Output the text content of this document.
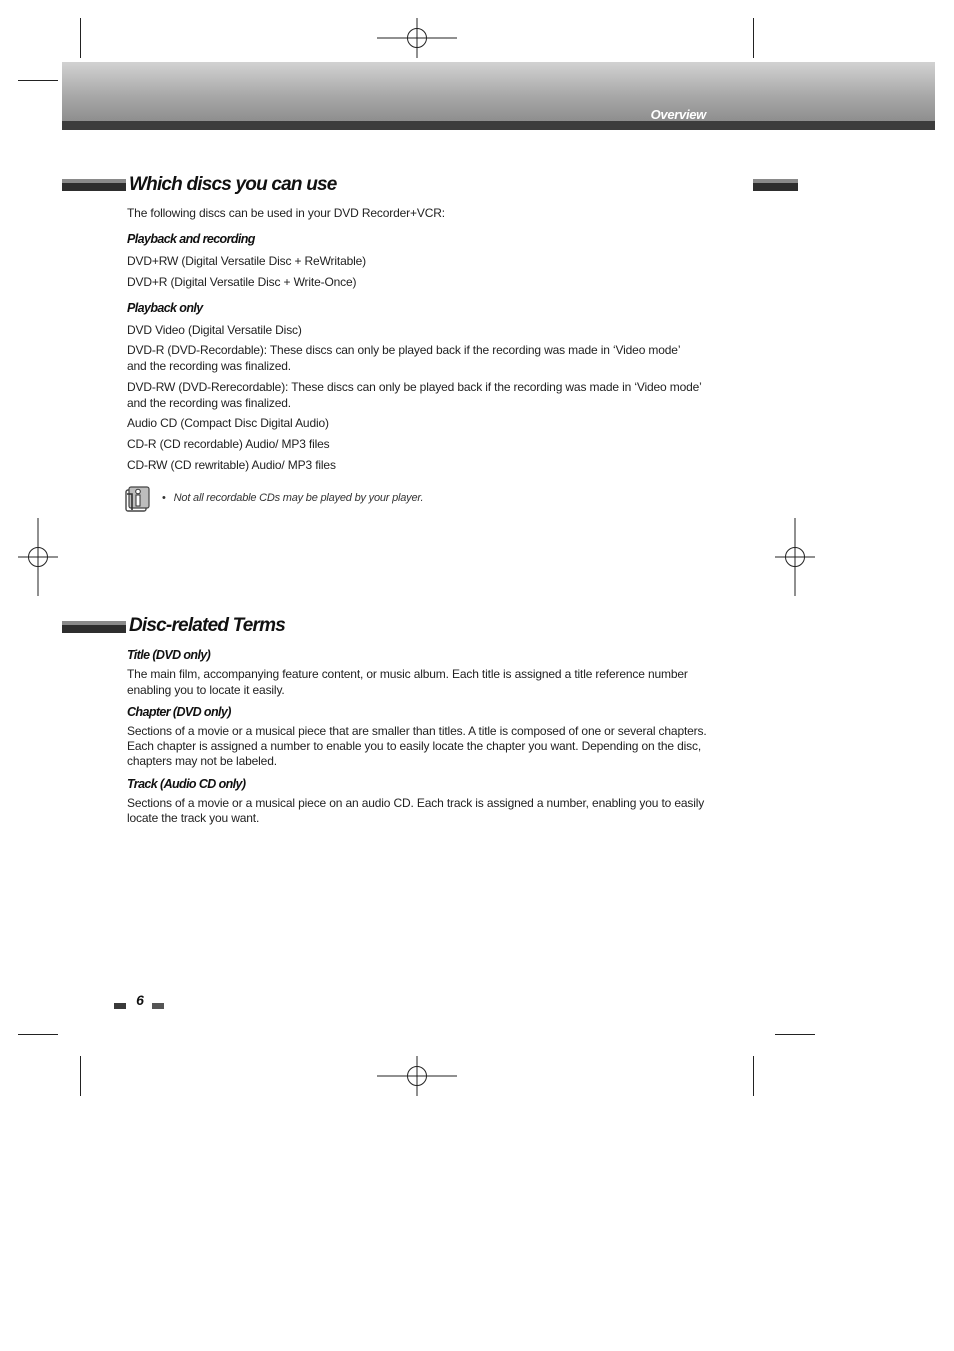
Overview
Which discs you can use
The following discs can be used in your DVD Recorder+VCR:
Playback and recording
DVD+RW (Digital Versatile Disc + ReWritable)
DVD+R (Digital Versatile Disc + Write-Once)
Playback only
DVD Video (Digital Versatile Disc)
DVD-R (DVD-Recordable): These discs can only be played back if the recording was made in ‘Video mode’ and the recording was finalized.
DVD-RW (DVD-Rerecordable): These discs can only be played back if the recording was made in ‘Video mode’ and the recording was finalized.
Audio CD (Compact Disc Digital Audio)
CD-R (CD recordable) Audio/ MP3 files
CD-RW (CD rewritable) Audio/ MP3 files
• Not all recordable CDs may be played by your player.
Disc-related Terms
Title (DVD only)
The main film, accompanying feature content, or music album. Each title is assigned a title reference number enabling you to locate it easily.
Chapter (DVD only)
Sections of a movie or a musical piece that are smaller than titles. A title is composed of one or several chapters. Each chapter is assigned a number to enable you to easily locate the chapter you want. Depending on the disc, chapters may not be labeled.
Track (Audio CD only)
Sections of a movie or a musical piece on an audio CD. Each track is assigned a number, enabling you to easily locate the track you want.
6
